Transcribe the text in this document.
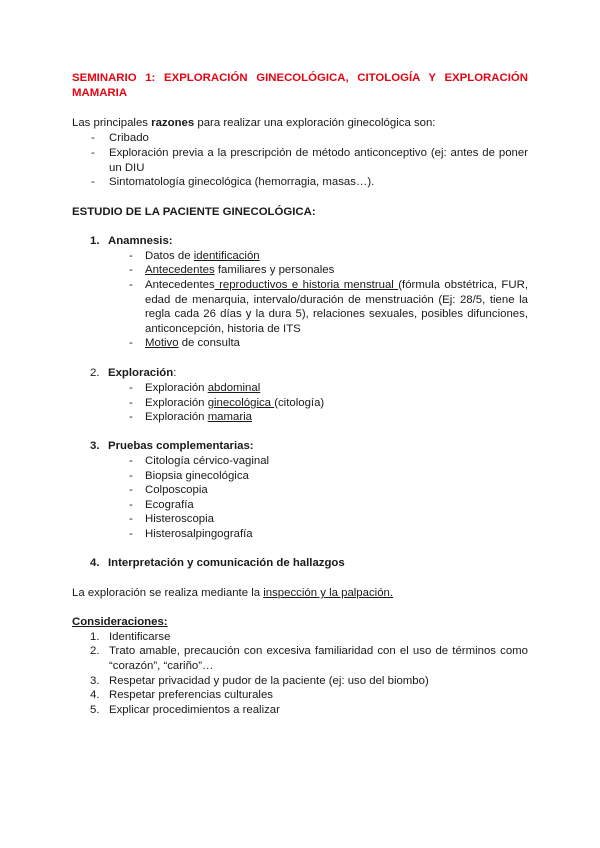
SEMINARIO 1: EXPLORACIÓN GINECOLÓGICA, CITOLOGÍA Y EXPLORACIÓN MAMARIA
Las principales razones para realizar una exploración ginecológica son:
- Cribado
- Exploración previa a la prescripción de método anticonceptivo (ej: antes de poner un DIU
- Sintomatología ginecológica (hemorragia, masas…).
ESTUDIO DE LA PACIENTE GINECOLÓGICA:
1. Anamnesis:
- Datos de identificación
- Antecedentes familiares y personales
- Antecedentes reproductivos e historia menstrual (fórmula obstétrica, FUR, edad de menarquia, intervalo/duración de menstruación (Ej: 28/5, tiene la regla cada 26 días y la dura 5), relaciones sexuales, posibles difunciones, anticoncepción, historia de ITS
- Motivo de consulta
2. Exploración:
- Exploración abdominal
- Exploración ginecológica (citología)
- Exploración mamaria
3. Pruebas complementarias:
- Citología cérvico-vaginal
- Biopsia ginecológica
- Colposcopia
- Ecografía
- Histeroscopia
- Histerosalpingografía
4. Interpretación y comunicación de hallazgos
La exploración se realiza mediante la inspección y la palpación.
Consideraciones:
1. Identificarse
2. Trato amable, precaución con excesiva familiaridad con el uso de términos como “corazón”, “cariño”…
3. Respetar privacidad y pudor de la paciente (ej: uso del biombo)
4. Respetar preferencias culturales
5. Explicar procedimientos a realizar
